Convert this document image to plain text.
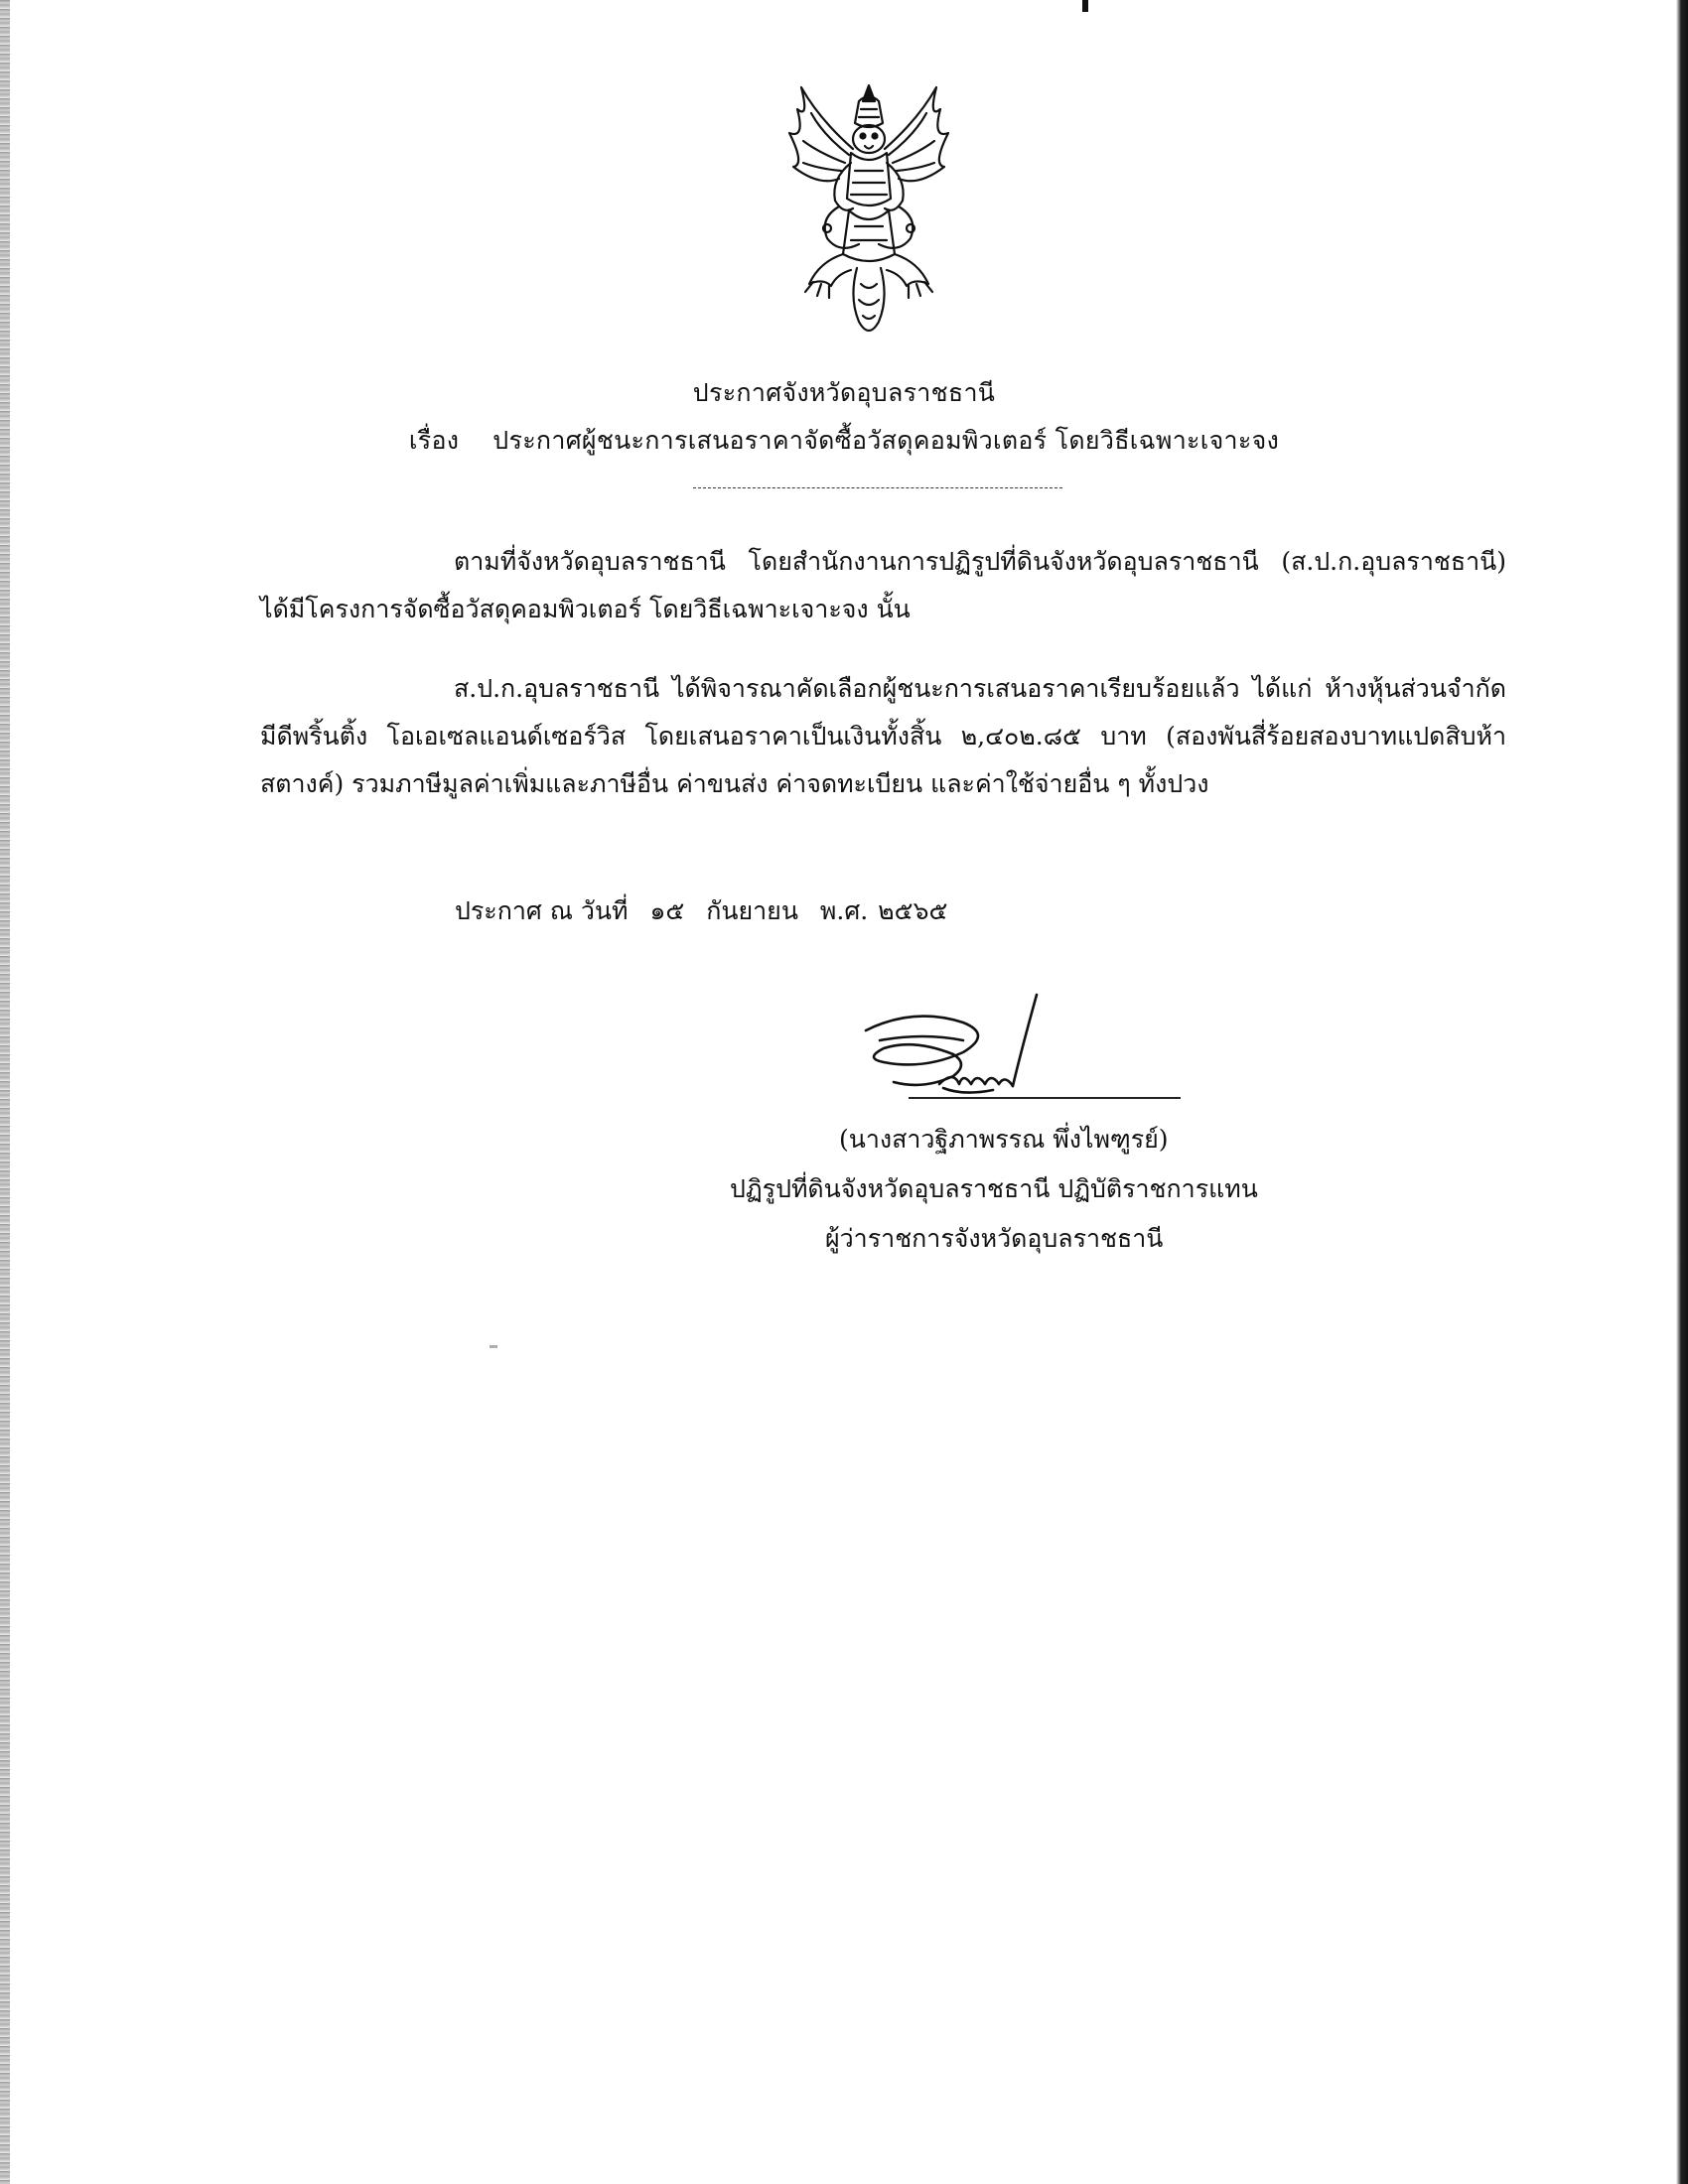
ประกาศจังหวัดอุบลราชธานี
เรื่อง ประกาศผู้ชนะการเสนอราคาจัดซื้อวัสดุคอมพิวเตอร์ โดยวิธีเฉพาะเจาะจง
ตามที่จังหวัดอุบลราชธานี โดยสำนักงานการปฏิรูปที่ดินจังหวัดอุบลราชธานี (ส.ป.ก.อุบลราชธานี) ได้มีโครงการจัดซื้อวัสดุคอมพิวเตอร์ โดยวิธีเฉพาะเจาะจง นั้น
ส.ป.ก.อุบลราชธานี ได้พิจารณาคัดเลือกผู้ชนะการเสนอราคาเรียบร้อยแล้ว ได้แก่ ห้างหุ้นส่วนจำกัด มีดีพริ้นติ้ง โอเอเซลแอนด์เซอร์วิส โดยเสนอราคาเป็นเงินทั้งสิ้น ๒,๔๐๒.๘๕ บาท (สองพันสี่ร้อยสองบาทแปดสิบห้าสตางค์) รวมภาษีมูลค่าเพิ่มและภาษีอื่น ค่าขนส่ง ค่าจดทะเบียน และค่าใช้จ่ายอื่น ๆ ทั้งปวง
ประกาศ ณ วันที่ ๑๕ กันยายน พ.ศ. ๒๕๖๕
(นางสาวฐิภาพรรณ พึ่งไพฑูรย์)
ปฏิรูปที่ดินจังหวัดอุบลราชธานี ปฏิบัติราชการแทน
ผู้ว่าราชการจังหวัดอุบลราชธานี
